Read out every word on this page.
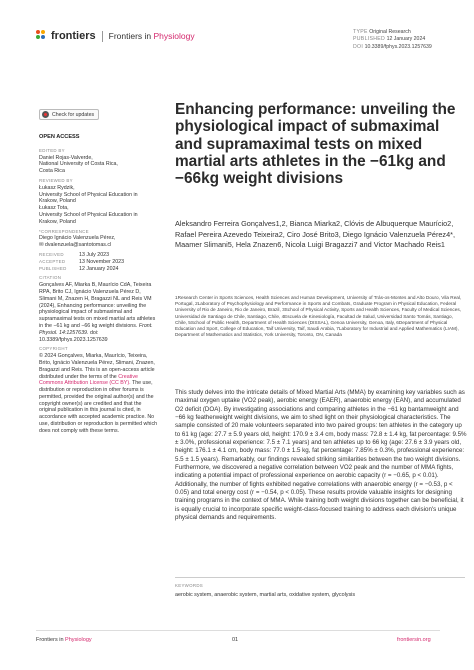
frontiers Frontiers in Physiology	TYPE Original Research
PUBLISHED 12 January 2024
DOI 10.3389/fphys.2023.1257639
Check for updates
OPEN ACCESS
EDITED BY
Daniel Rojas-Valverde,
National University of Costa Rica,
Costa Rica
REVIEWED BY
Łukasz Rydzik,
University School of Physical Education in
Krakow, Poland
Łukasz Tota,
University School of Physical Education in
Krakow, Poland
*CORRESPONDENCE
Diego Ignácio Valenzuela Pérez,
✉ dvalenzuela@santotomas.cl
RECEIVED	13 July 2023
ACCEPTED	13 November 2023
PUBLISHED	12 January 2024
CITATION
Gonçalves AF, Miarka B, Maurício CdA, Teixeira RPA, Brito CJ, Ignácio Valenzuela Pérez D, Slimani M, Znazen H, Bragazzi NL and Reis VM (2024), Enhancing performance: unveiling the physiological impact of submaximal and supramaximal tests on mixed martial arts athletes in the −61 kg and −66 kg weight divisions. Front. Physiol. 14:1257639. doi: 10.3389/fphys.2023.1257639
COPYRIGHT
© 2024 Gonçalves, Miarka, Maurício, Teixeira, Brito, Ignácio Valenzuela Pérez, Slimani, Znazen, Bragazzi and Reis. This is an open-access article distributed under the terms of the Creative Commons Attribution License (CC BY). The use, distribution or reproduction in other forums is permitted, provided the original author(s) and the copyright owner(s) are credited and that the original publication in this journal is cited, in accordance with accepted academic practice. No use, distribution or reproduction is permitted which does not comply with these terms.
Enhancing performance: unveiling the physiological impact of submaximal and supramaximal tests on mixed martial arts athletes in the −61kg and −66kg weight divisions
Aleksandro Ferreira Gonçalves1,2, Bianca Miarka2, Clóvis de Albuquerque Maurício2, Rafael Pereira Azevedo Teixeira2, Ciro José Brito3, Diego Ignácio Valenzuela Pérez4*, Maamer Slimani5, Hela Znazen6, Nicola Luigi Bragazzi7 and Victor Machado Reis1
1Research Center in Sports Sciences, Health Sciences and Human Development, University of Trás-os-Montes and Alto Douro, Vila Real, Portugal, 2Laboratory of Psychophysiology and Performance in Sports and Combats, Graduate Program in Physical Education, Federal University of Rio de Janeiro, Rio de Janeiro, Brazil, 3School of Physical Activity, Sports and Health Sciences, Faculty of Medical Sciences, Universidad de Santiago de Chile, Santiago, Chile, 4Escuela de Kinesiología, Facultad de Salud, Universidad Santo Tomás, Santiago, Chile, 5School of Public Health, Department of Health Sciences (DISSAL), Genoa University, Genoa, Italy, 6Department of Physical Education and Sport, College of Education, Taif University, Taif, Saudi Arabia, 7Laboratory for Industrial and Applied Mathematics (LIAM), Department of Mathematics and Statistics, York University, Toronto, ON, Canada
This study delves into the intricate details of Mixed Martial Arts (MMA) by examining key variables such as maximal oxygen uptake (VO2 peak), aerobic energy (EAER), anaerobic energy (EAN), and accumulated O2 deficit (DOA). By investigating associations and comparing athletes in the −61 kg bantamweight and −66 kg featherweight weight divisions, we aim to shed light on their physiological characteristics. The sample consisted of 20 male volunteers separated into two paired groups: ten athletes in the category up to 61 kg (age: 27.7 ± 5.9 years old, height: 170.9 ± 3.4 cm, body mass: 72.8 ± 1.4 kg, fat percentage: 9.5% ± 3.0%, professional experience: 7.5 ± 7.1 years) and ten athletes up to 66 kg (age: 27.6 ± 3.9 years old, height: 176.1 ± 4.1 cm, body mass: 77.0 ± 1.5 kg, fat percentage: 7.85% ± 0.3%, professional experience: 5.5 ± 1.5 years). Remarkably, our findings revealed striking similarities between the two weight divisions. Furthermore, we discovered a negative correlation between VO2 peak and the number of MMA fights, indicating a potential impact of professional experience on aerobic capacity (r = −0.65, p < 0.01). Additionally, the number of fights exhibited negative correlations with anaerobic energy (r = −0.53, p < 0.05) and total energy cost (r = −0.54, p < 0.05). These results provide valuable insights for designing training programs in the context of MMA. While training both weight divisions together can be beneficial, it is equally crucial to incorporate specific weight-class-focused training to address each division's unique physical demands and requirements.
KEYWORDS
aerobic system, anaerobic system, martial arts, oxidative system, glycolysis
Frontiers in Physiology	01	frontiersin.org
